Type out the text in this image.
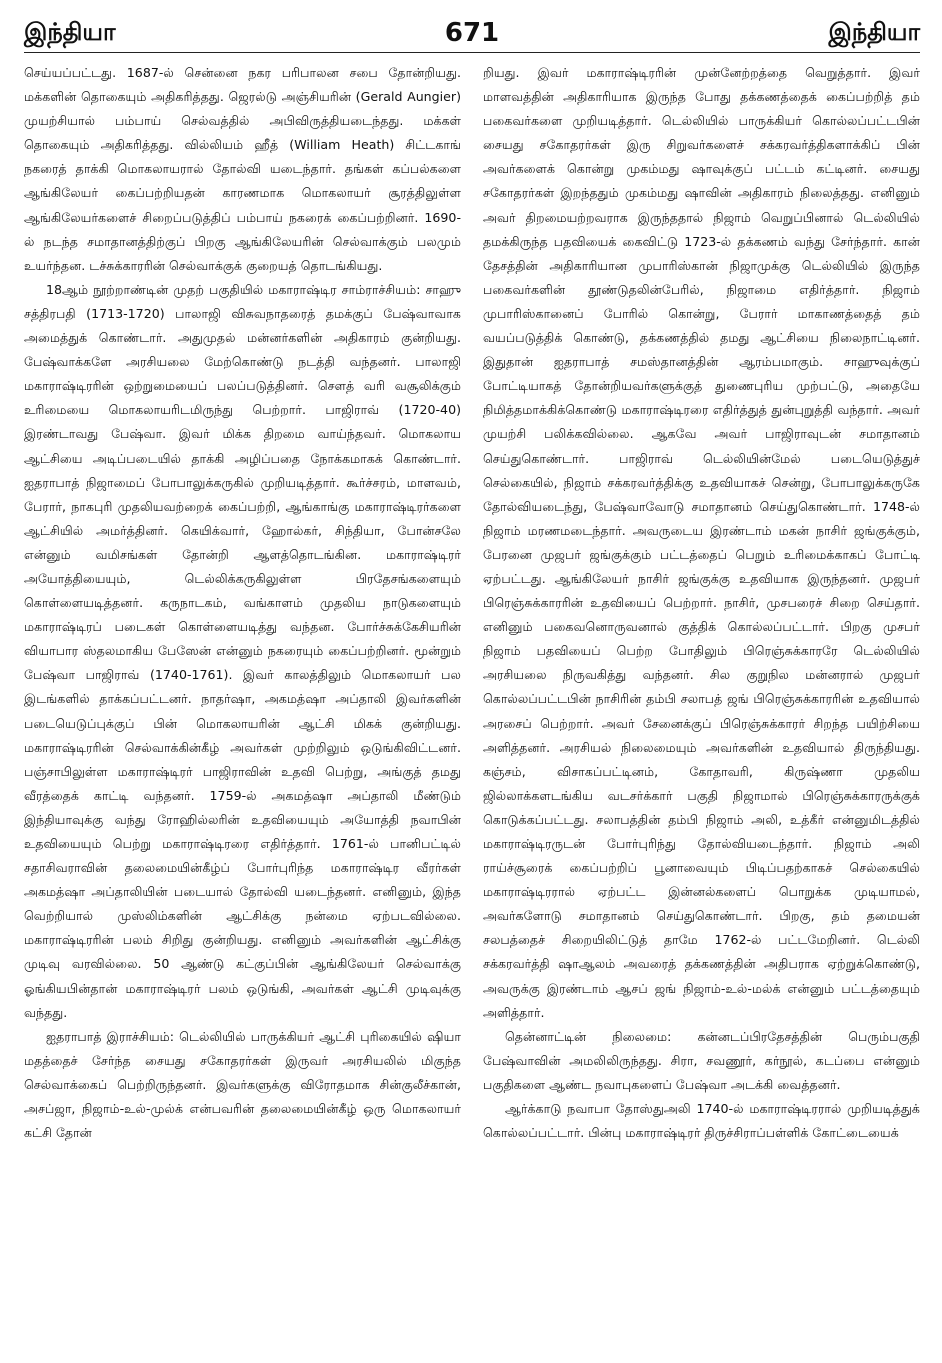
இந்தியா	671	இந்தியா

செய்யப்பட்டது. 1687-ல் சென்னை நகர பரிபாலன சபை தோன்றியது. மக்களின் தொகையும் அதிகரித்தது. ஜெரல்டு அஞ்சியரின் (Gerald Aungier) முயற்சியால் பம்பாய் செல்வத்தில் அபிவிருத்தியடைந்தது. மக்கள் தொகையும் அதிகரித்தது. வில்லியம் ஹீத் (William Heath) சிட்டகாங் நகரைத் தாக்கி மொகலாயரால் தோல்வி யடைந்தார். தங்கள் கப்பல்களை ஆங்கிலேயர் கைப்பற்றியதன் காரணமாக மொகலாயர் சூரத்திலுள்ள ஆங்கிலேயர்களைச் சிறைப்படுத்திப் பம்பாய் நகரைக் கைப்பற்றினர். 1690-ல் நடந்த சமாதானத்திற்குப் பிறகு ஆங்கிலேயரின் செல்வாக்கும் பலமும் உயர்ந்தன. டச்சுக்காரரின் செல்வாக்குக் குறையத் தொடங்கியது.

18ஆம் நூற்றாண்டின் முதற் பகுதியில் மகாராஷ்டிர சாம்ராச்சியம்: சாஹு சத்திரபதி (1713-1720) பாலாஜி விசுவநாதரைத் தமக்குப் பேஷ்வாவாக அமைத்துக் கொண்டார். அதுமுதல் மன்னர்களின் அதிகாரம் குன்றியது. பேஷ்வாக்களே அரசியலை மேற்கொண்டு நடத்தி வந்தனர். பாலாஜி மகாராஷ்டிரரின் ஒற்றுமையைப் பலப்படுத்தினர். சௌத் வரி வசூலிக்கும் உரிமையை மொகலாயரிடமிருந்து பெற்றார். பாஜிராவ் (1720-40) இரண்டாவது பேஷ்வா. இவர் மிக்க திறமை வாய்ந்தவர். மொகலாய ஆட்சியை அடிப்படையில் தாக்கி அழிப்பதை நோக்கமாகக் கொண்டார். ஐதராபாத் நிஜாமைப் போபாலுக்கருகில் முறியடித்தார். கூர்ச்சரம், மாளவம், பேரார், நாகபுரி முதலியவற்றைக் கைப்பற்றி, ஆங்காங்கு மகாராஷ்டிரர்களை ஆட்சியில் அமர்த்தினர். கெயிக்வார், ஹோல்கர், சிந்தியா, போன்சலே என்னும் வமிசங்கள் தோன்றி ஆளத்தொடங்கின. மகாராஷ்டிரர் அயோத்தியையும், டெல்லிக்கருகிலுள்ள பிரதேசங்களையும் கொள்ளையடித்தனர். கருநாடகம், வங்காளம் முதலிய நாடுகளையும் மகாராஷ்டிரப் படைகள் கொள்ளையடித்து வந்தன. போர்ச்சுக்கேசியரின் வியாபார ஸ்தலமாகிய பேஸேன் என்னும் நகரையும் கைப்பற்றினர். மூன்றும் பேஷ்வா பாஜிராவ் (1740-1761). இவர் காலத்திலும் மொகலாயர் பல இடங்களில் தாக்கப்பட்டனர். நாதர்ஷா, அகமத்ஷா அப்தாலி இவர்களின் படையெடுப்புக்குப் பின் மொகலாயரின் ஆட்சி மிகக் குன்றியது. மகாராஷ்டிரரின் செல்வாக்கின்கீழ் அவர்கள் முற்றிலும் ஒடுங்கிவிட்டனர். பஞ்சாபிலுள்ள மகாராஷ்டிரர் பாஜிராவின் உதவி பெற்று, அங்குத் தமது வீரத்தைக் காட்டி வந்தனர். 1759-ல் அகமத்ஷா அப்தாலி மீண்டும் இந்தியாவுக்கு வந்து ரோஹில்லரின் உதவியையும் அயோத்தி நவாபின் உதவியையும் பெற்று மகாராஷ்டிரரை எதிர்த்தார். 1761-ல் பானிபட்டில் சதாசிவராவின் தலைமையின்கீழ்ப் போர்புரிந்த மகாராஷ்டிர வீரர்கள் அகமத்ஷா அப்தாலியின் படையால் தோல்வி யடைந்தனர். எனினும், இந்த வெற்றியால் முஸ்லிம்களின் ஆட்சிக்கு நன்மை ஏற்படவில்லை. மகாராஷ்டிரரின் பலம் சிறிது குன்றியது. எனினும் அவர்களின் ஆட்சிக்கு முடிவு வரவில்லை. 50 ஆண்டு கட்குப்பின் ஆங்கிலேயர் செல்வாக்கு ஓங்கியபின்தான் மகாராஷ்டிரர் பலம் ஒடுங்கி, அவர்கள் ஆட்சி முடிவுக்கு வந்தது.

ஐதராபாத் இராச்சியம்: டெல்லியில் பாருக்கியர் ஆட்சி புரிகையில் ஷியா மதத்தைச் சேர்ந்த சையது சகோதரர்கள் இருவர் அரசியலில் மிகுந்த செல்வாக்கைப் பெற்றிருந்தனர். இவர்களுக்கு விரோதமாக சின்குலீச்கான், அசப்ஜா, நிஜாம்-உல்-முல்க் என்பவரின் தலைமையின்கீழ் ஒரு மொகலாயர் கட்சி தோன்

றியது. இவர் மகாராஷ்டிரரின் முன்னேற்றத்தை வெறுத்தார். இவர் மாளவத்தின் அதிகாரியாக இருந்த போது தக்கணத்தைக் கைப்பற்றித் தம் பகைவர்களை முறியடித்தார். டெல்லியில் பாருக்கியர் கொல்லப்பட்டபின் சையது சகோதரர்கள் இரு சிறுவர்களைச் சக்கரவர்த்திகளாக்கிப் பின் அவர்களைக் கொன்று முகம்மது ஷாவுக்குப் பட்டம் கட்டினர். சையது சகோதரர்கள் இறந்ததும் முகம்மது ஷாவின் அதிகாரம் நிலைத்தது. எனினும் அவர் திறமையற்றவராக இருந்ததால் நிஜாம் வெறுப்பினால் டெல்லியில் தமக்கிருந்த பதவியைக் கைவிட்டு 1723-ல் தக்கணம் வந்து சேர்ந்தார். கான் தேசத்தின் அதிகாரியான முபாரிஸ்கான் நிஜாமுக்கு டெல்லியில் இருந்த பகைவர்களின் தூண்டுதலின்பேரில், நிஜாமை எதிர்த்தார். நிஜாம் முபாரிஸ்கானைப் போரில் கொன்று, பேரார் மாகாணத்தைத் தம் வயப்படுத்திக் கொண்டு, தக்கணத்தில் தமது ஆட்சியை நிலைநாட்டினர். இதுதான் ஐதராபாத் சமஸ்தானத்தின் ஆரம்பமாகும். சாஹுவுக்குப் போட்டியாகத் தோன்றியவர்களுக்குத் துணைபுரிய முற்பட்டு, அதையே நிமித்தமாக்கிக்கொண்டு மகாராஷ்டிரரை எதிர்த்துத் துன்புறுத்தி வந்தார். அவர் முயற்சி பலிக்கவில்லை. ஆகவே அவர் பாஜிராவுடன் சமாதானம் செய்துகொண்டார். பாஜிராவ் டெல்லியின்மேல் படையெடுத்துச் செல்கையில், நிஜாம் சக்கரவர்த்திக்கு உதவியாகச் சென்று, போபாலுக்கருகே தோல்வியடைந்து, பேஷ்வாவோடு சமாதானம் செய்துகொண்டார். 1748-ல் நிஜாம் மரணமடைந்தார். அவருடைய இரண்டாம் மகன் நாசிர் ஜங்குக்கும், பேரனை முஜபர் ஜங்குக்கும் பட்டத்தைப் பெறும் உரிமைக்காகப் போட்டி ஏற்பட்டது. ஆங்கிலேயர் நாசிர் ஜங்குக்கு உதவியாக இருந்தனர். முஜபர் பிரெஞ்சுக்காரரின் உதவியைப் பெற்றார். நாசிர், முசபரைச் சிறை செய்தார். எனினும் பகைவனொருவனால் குத்திக் கொல்லப்பட்டார். பிறகு முசபர் நிஜாம் பதவியைப் பெற்ற போதிலும் பிரெஞ்சுக்காரரே டெல்லியில் அரசியலை நிருவகித்து வந்தனர். சில குறுநில மன்னரால் முஜபர் கொல்லப்பட்டபின் நாசிரின் தம்பி சலாபத் ஜங் பிரெஞ்சுக்காரரின் உதவியால் அரசைப் பெற்றார். அவர் சேனைக்குப் பிரெஞ்சுக்காரர் சிறந்த பயிற்சியை அளித்தனர். அரசியல் நிலைமையும் அவர்களின் உதவியால் திருந்தியது. கஞ்சம், விசாகப்பட்டினம், கோதாவரி, கிருஷ்ணா முதலிய ஜில்லாக்களடங்கிய வடசர்க்கார் பகுதி நிஜாமால் பிரெஞ்சுக்காரருக்குக் கொடுக்கப்பட்டது. சலாபத்தின் தம்பி நிஜாம் அலி, உத்கீர் என்னுமிடத்தில் மகாராஷ்டிரருடன் போர்புரிந்து தோல்வியடைந்தார். நிஜாம் அலி ராய்ச்சூரைக் கைப்பற்றிப் பூனாவையும் பிடிப்பதற்காகச் செல்கையில் மகாராஷ்டிரரால் ஏற்பட்ட இன்னல்களைப் பொறுக்க முடியாமல், அவர்களோடு சமாதானம் செய்துகொண்டார். பிறகு, தம் தமையன் சலபத்தைச் சிறையிலிட்டுத் தாமே 1762-ல் பட்டமேறினர். டெல்லி சக்கரவர்த்தி ஷாஆலம் அவரைத் தக்கணத்தின் அதிபராக ஏற்றுக்கொண்டு, அவருக்கு இரண்டாம் ஆசப் ஜங் நிஜாம்-உல்-மல்க் என்னும் பட்டத்தையும் அளித்தார்.

தென்னாட்டின் நிலைமை: கன்னடப்பிரதேசத்தின் பெரும்பகுதி பேஷ்வாவின் அமலிலிருந்தது. சிரா, சவணூர், கர்நூல், கடப்பை என்னும் பகுதிகளை ஆண்ட நவாபுகளைப் பேஷ்வா அடக்கி வைத்தனர்.

ஆர்க்காடு நவாபா தோஸ்துஅலி 1740-ல் மகாராஷ்டிரரால் முறியடித்துக் கொல்லப்பட்டார். பின்பு மகாராஷ்டிரர் திருச்சிராப்பள்ளிக் கோட்டையைக்
